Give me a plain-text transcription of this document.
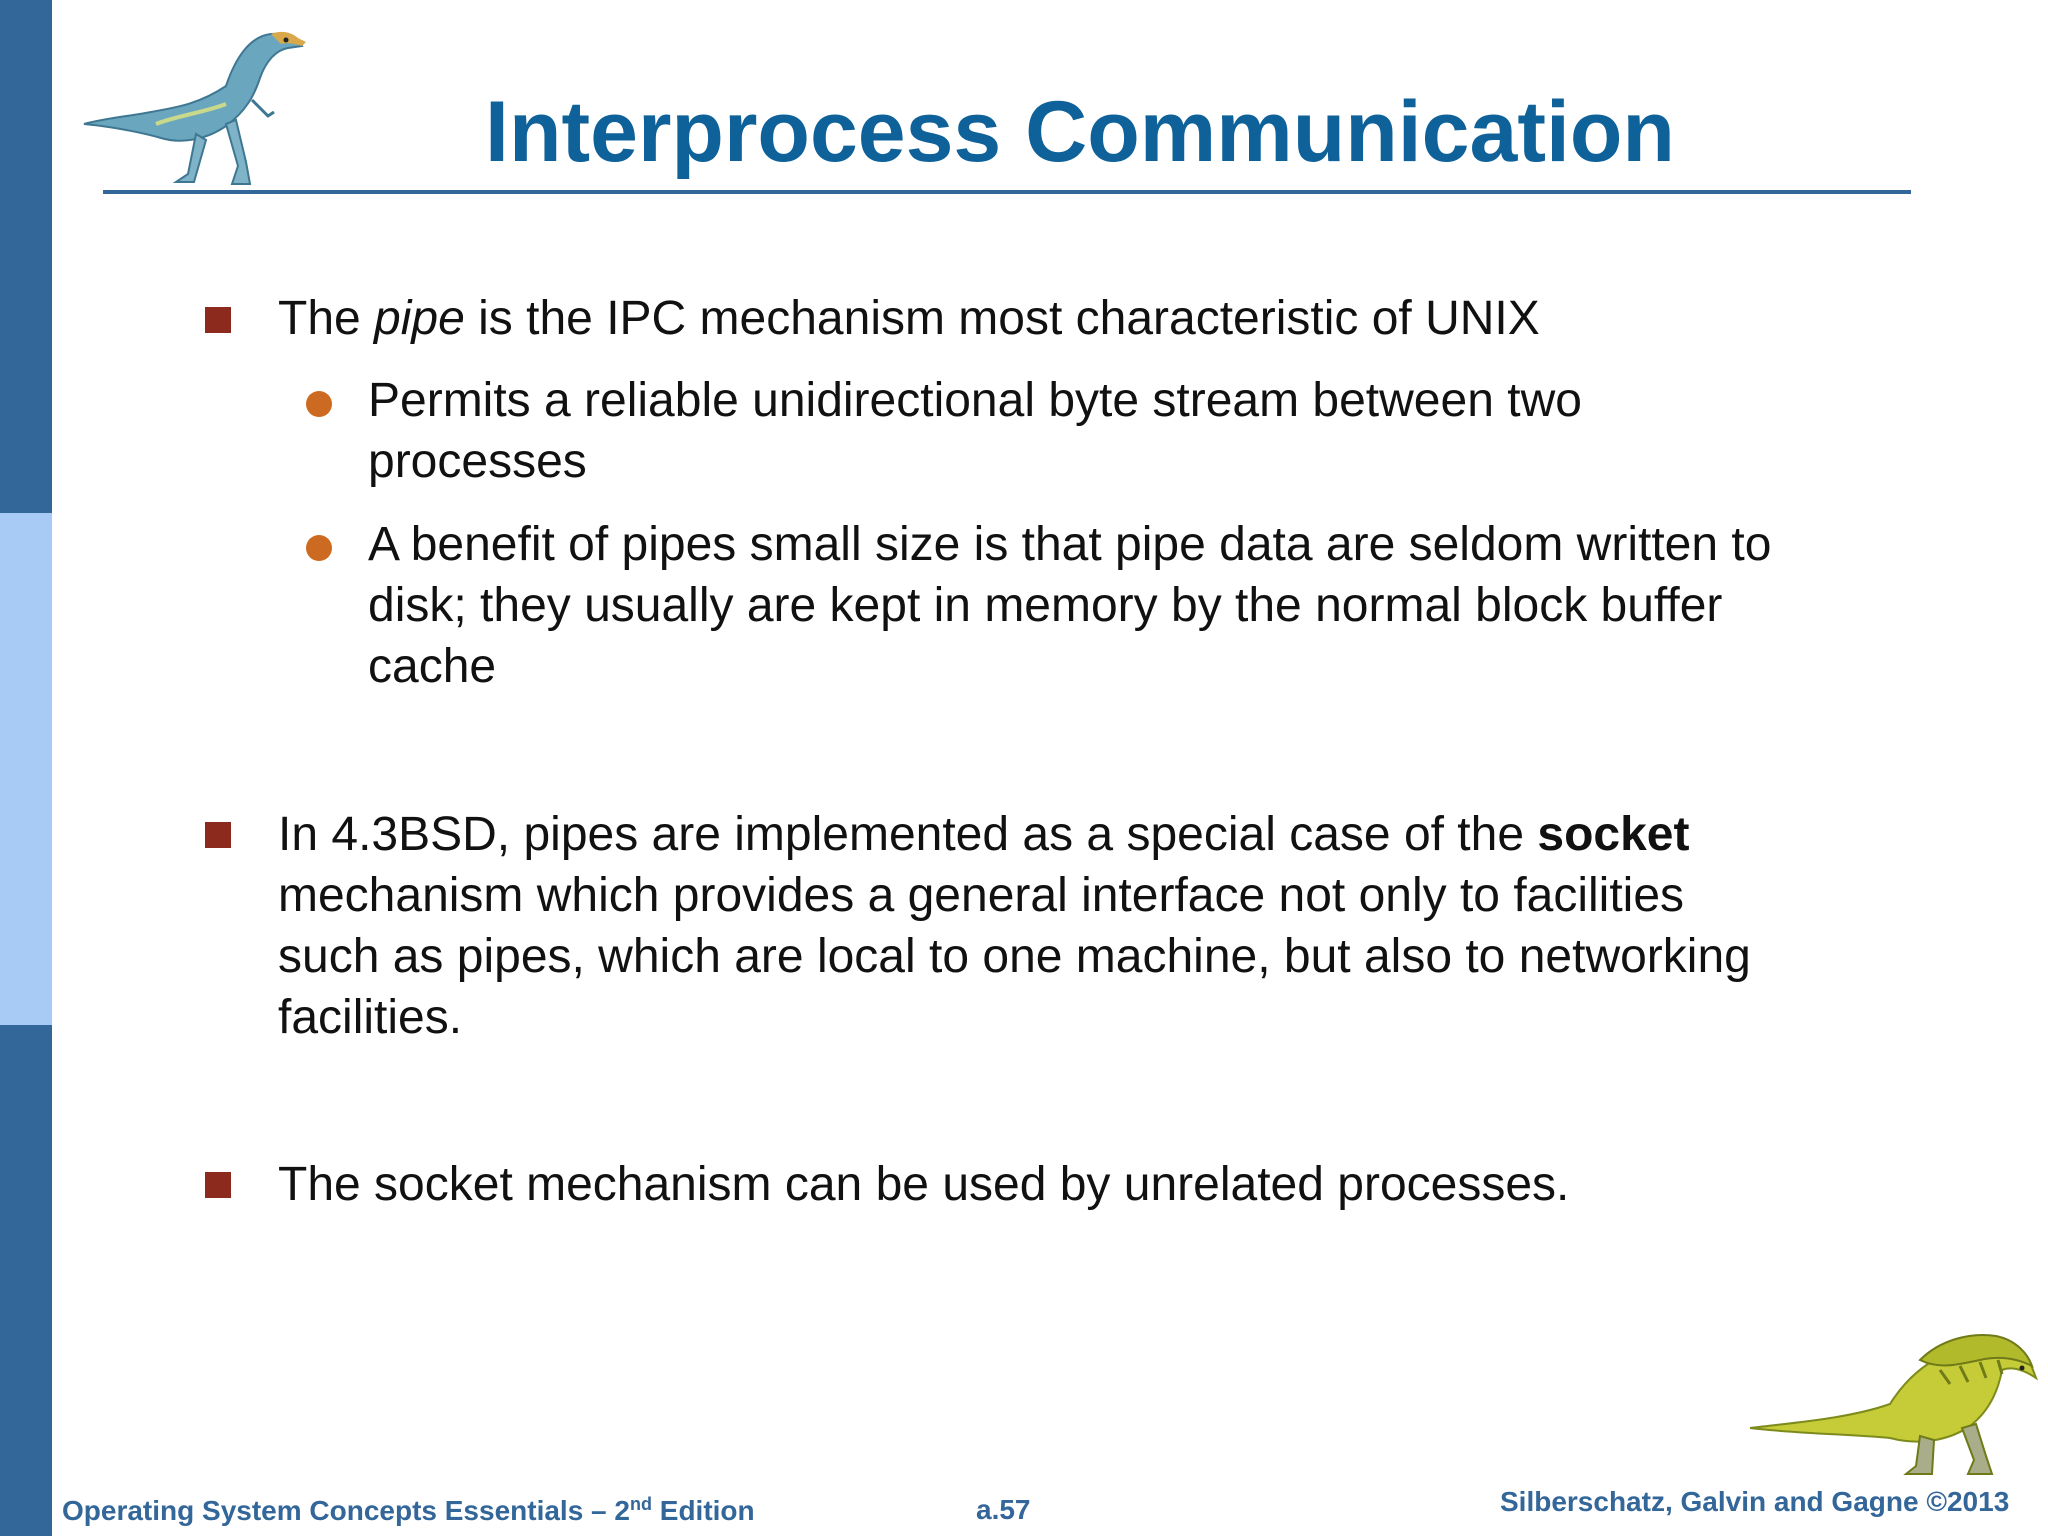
Interprocess Communication
The pipe is the IPC mechanism most characteristic of UNIX
Permits a reliable unidirectional byte stream between two
processes
A benefit of pipes small size is that pipe data are seldom written to
disk; they usually are kept in memory by the normal block buffer
cache
In 4.3BSD, pipes are implemented as a special case of the socket
mechanism which provides a general interface not only to facilities
such as pipes, which are local to one machine, but also to networking
facilities.
The socket mechanism can be used by unrelated processes.
Operating System Concepts Essentials – 2nd Edition	a.57	Silberschatz, Galvin and Gagne ©2013
